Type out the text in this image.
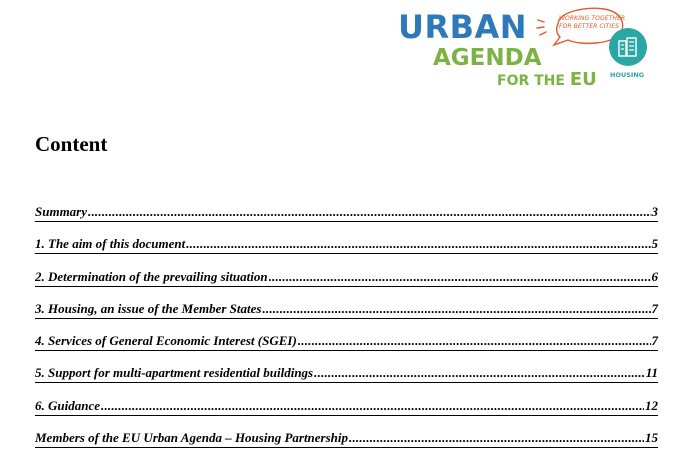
URBAN
AGENDA
FOR THE EU
WORKING TOGETHER
FOR BETTER CITIES
HOUSING
Content
Summary .....	3
1. The aim of this document .....	5
2. Determination of the prevailing situation .....	6
3. Housing, an issue of the Member States .....	7
4. Services of General Economic Interest (SGEI) .....	7
5. Support for multi-apartment residential buildings .....	11
6. Guidance .....	12
Members of the EU Urban Agenda – Housing Partnership .....	15
